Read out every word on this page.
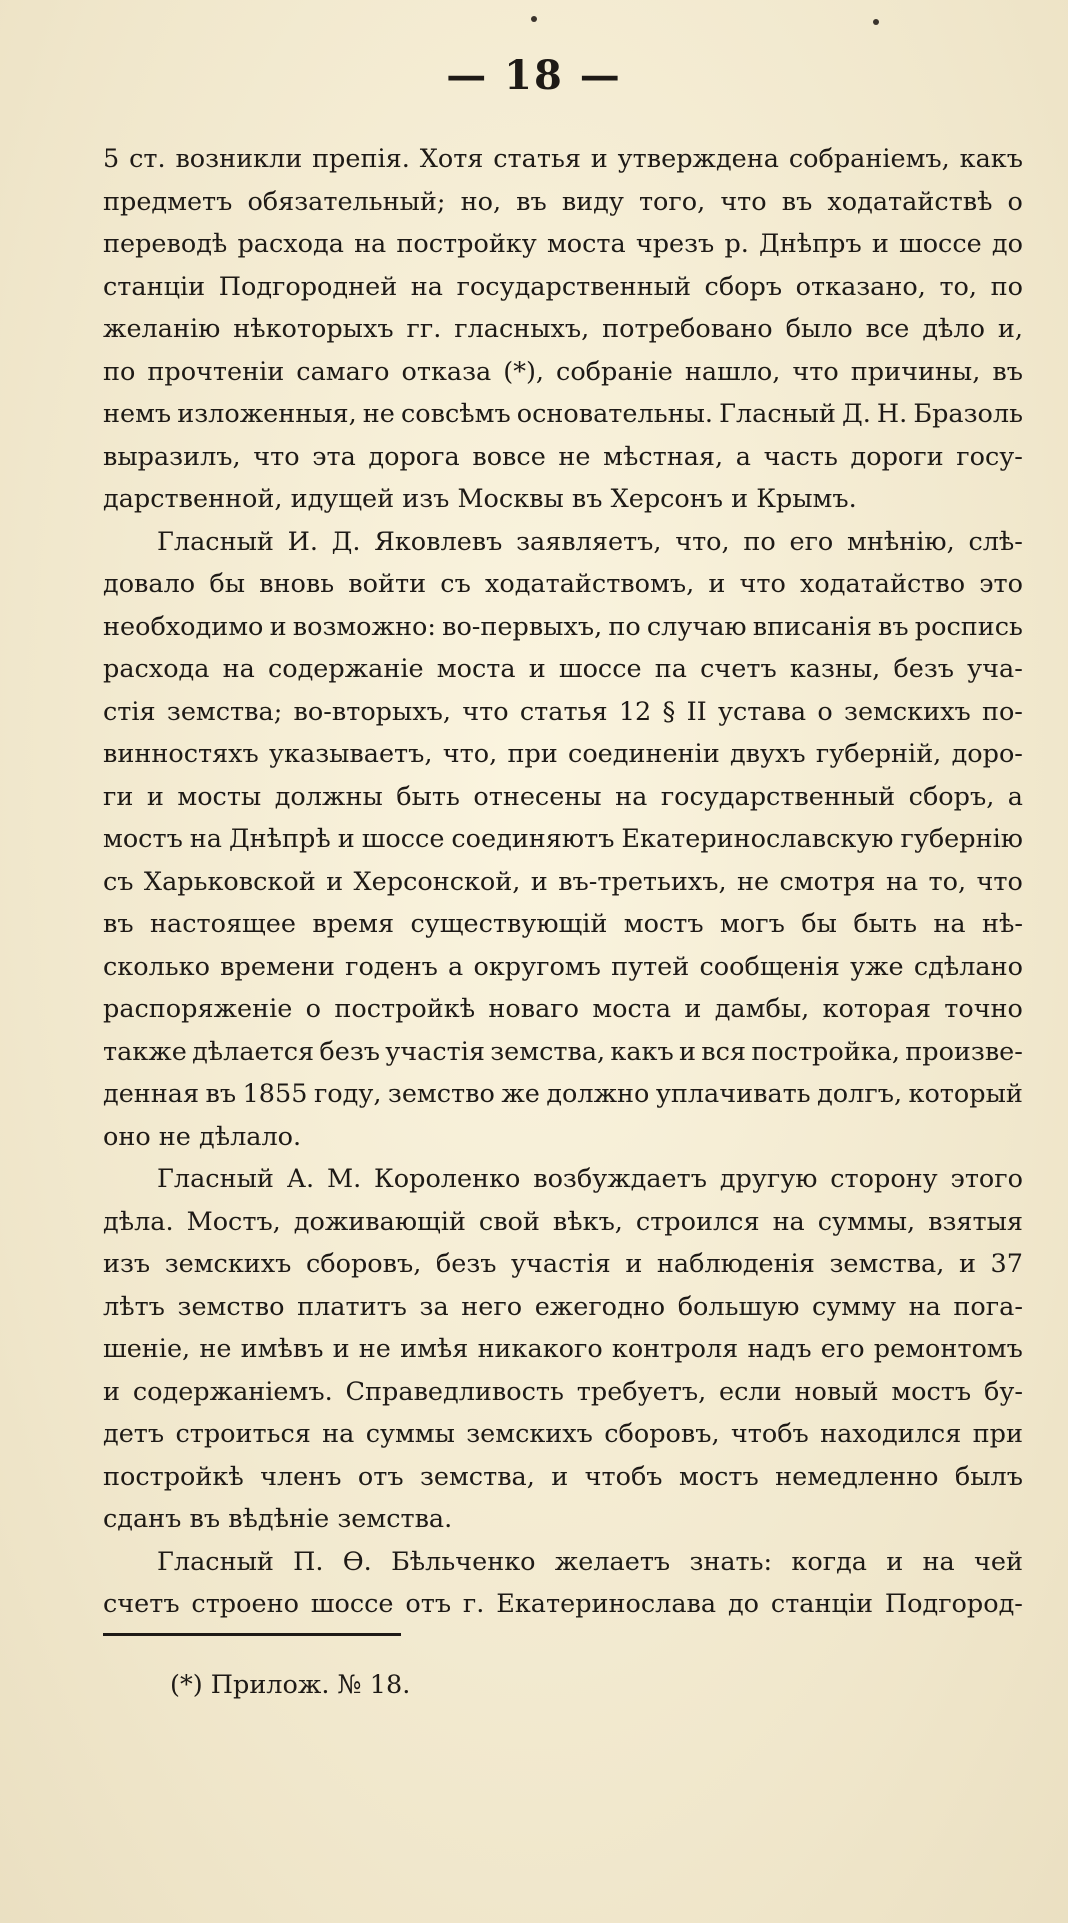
— 18 —

5 ст. возникли препія. Хотя статья и утверждена собраніемъ, какъ
предметъ обязательный; но, въ виду того, что въ ходатайствѣ о
переводѣ расхода на постройку моста чрезъ р. Днѣпръ и шоссе до
станціи Подгородней на государственный сборъ отказано, то, по
желанію нѣкоторыхъ гг. гласныхъ, потребовано было все дѣло и,
по прочтеніи самаго отказа (*), собраніе нашло, что причины, въ
немъ изложенныя, не совсѣмъ основательны. Гласный Д. Н. Бразоль
выразилъ, что эта дорога вовсе не мѣстная, а часть дороги госу-
дарственной, идущей изъ Москвы въ Херсонъ и Крымъ.

Гласный И. Д. Яковлевъ заявляетъ, что, по его мнѣнію, слѣ-
довало бы вновь войти съ ходатайствомъ, и что ходатайство это
необходимо и возможно: во-первыхъ, по случаю вписанія въ роспись
расхода на содержаніе моста и шоссе па счетъ казны, безъ уча-
стія земства; во-вторыхъ, что статья 12 § II устава о земскихъ по-
винностяхъ указываетъ, что, при соединеніи двухъ губерній, доро-
ги и мосты должны быть отнесены на государственный сборъ, а
мостъ на Днѣпрѣ и шоссе соединяютъ Екатеринославскую губернію
съ Харьковской и Херсонской, и въ-третьихъ, не смотря на то, что
въ настоящее время существующій мостъ могъ бы быть на нѣ-
сколько времени годенъ а округомъ путей сообщенія уже сдѣлано
распоряженіе о постройкѣ новаго моста и дамбы, которая точно
также дѣлается безъ участія земства, какъ и вся постройка, произве-
денная въ 1855 году, земство же должно уплачивать долгъ, который
оно не дѣлало.

Гласный А. М. Короленко возбуждаетъ другую сторону этого
дѣла. Мостъ, доживающій свой вѣкъ, строился на суммы, взятыя
изъ земскихъ сборовъ, безъ участія и наблюденія земства, и 37
лѣтъ земство платитъ за него ежегодно большую сумму на пога-
шеніе, не имѣвъ и не имѣя никакого контроля надъ его ремонтомъ
и содержаніемъ. Справедливость требуетъ, если новый мостъ бу-
детъ строиться на суммы земскихъ сборовъ, чтобъ находился при
постройкѣ членъ отъ земства, и чтобъ мостъ немедленно былъ
сданъ въ вѣдѣніе земства.

Гласный П. Ѳ. Бѣльченко желаетъ знать: когда и на чей
счетъ строено шоссе отъ г. Екатеринослава до станціи Подгород-

(*) Прилож. № 18.
